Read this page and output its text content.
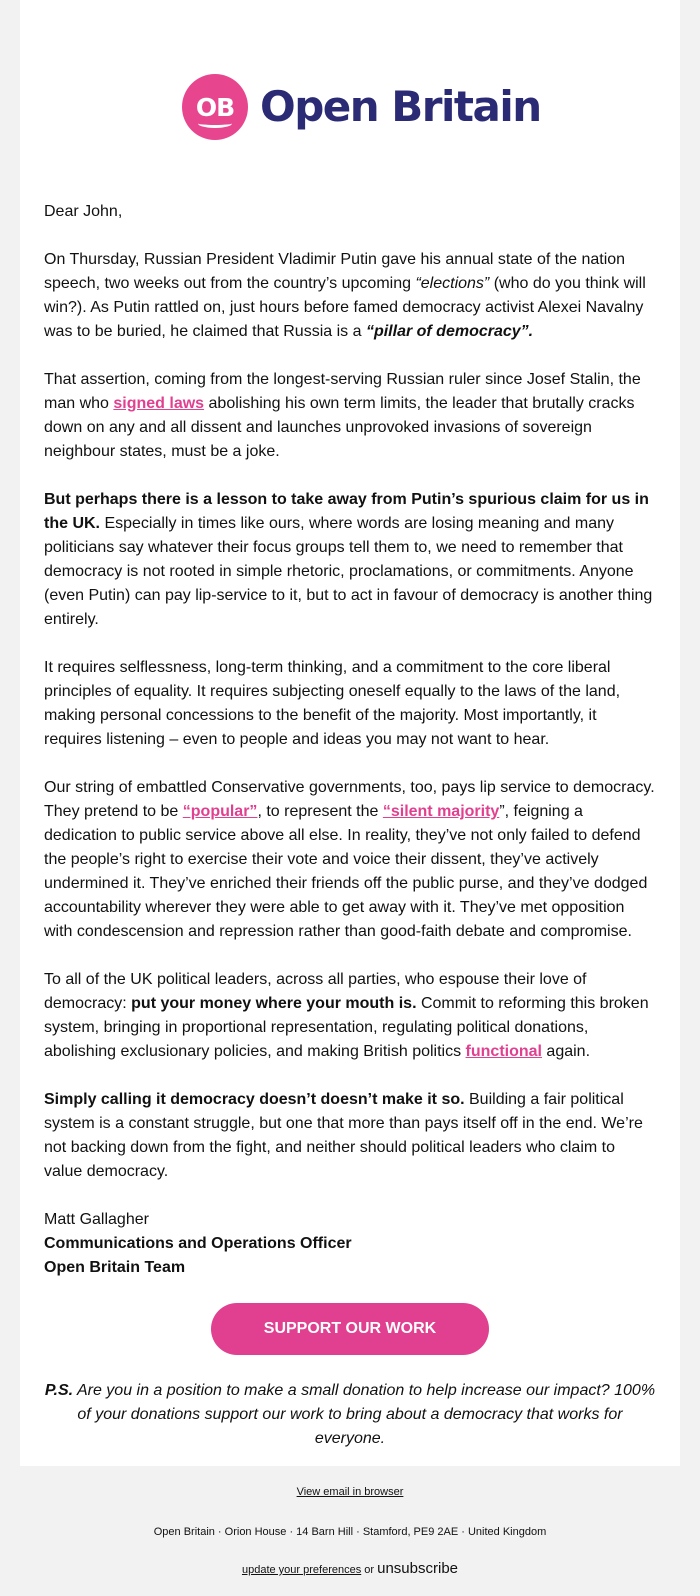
OB Open Britain

Dear John,

On Thursday, Russian President Vladimir Putin gave his annual state of the nation speech, two weeks out from the country’s upcoming “elections” (who do you think will win?). As Putin rattled on, just hours before famed democracy activist Alexei Navalny was to be buried, he claimed that Russia is a “pillar of democracy”.

That assertion, coming from the longest-serving Russian ruler since Josef Stalin, the man who signed laws abolishing his own term limits, the leader that brutally cracks down on any and all dissent and launches unprovoked invasions of sovereign neighbour states, must be a joke.

But perhaps there is a lesson to take away from Putin’s spurious claim for us in the UK. Especially in times like ours, where words are losing meaning and many politicians say whatever their focus groups tell them to, we need to remember that democracy is not rooted in simple rhetoric, proclamations, or commitments. Anyone (even Putin) can pay lip-service to it, but to act in favour of democracy is another thing entirely.

It requires selflessness, long-term thinking, and a commitment to the core liberal principles of equality. It requires subjecting oneself equally to the laws of the land, making personal concessions to the benefit of the majority. Most importantly, it requires listening – even to people and ideas you may not want to hear.

Our string of embattled Conservative governments, too, pays lip service to democracy. They pretend to be “popular”, to represent the “silent majority”, feigning a dedication to public service above all else. In reality, they’ve not only failed to defend the people’s right to exercise their vote and voice their dissent, they’ve actively undermined it. They’ve enriched their friends off the public purse, and they’ve dodged accountability wherever they were able to get away with it. They’ve met opposition with condescension and repression rather than good-faith debate and compromise.

To all of the UK political leaders, across all parties, who espouse their love of democracy: put your money where your mouth is. Commit to reforming this broken system, bringing in proportional representation, regulating political donations, abolishing exclusionary policies, and making British politics functional again.

Simply calling it democracy doesn’t doesn’t make it so. Building a fair political system is a constant struggle, but one that more than pays itself off in the end. We’re not backing down from the fight, and neither should political leaders who claim to value democracy.

Matt Gallagher

Communications and Operations Officer

Open Britain Team

SUPPORT OUR WORK

P.S. Are you in a position to make a small donation to help increase our impact? 100% of your donations support our work to bring about a democracy that works for everyone.

View email in browser
Open Britain · Orion House · 14 Barn Hill · Stamford, PE9 2AE · United Kingdom
update your preferences or unsubscribe
